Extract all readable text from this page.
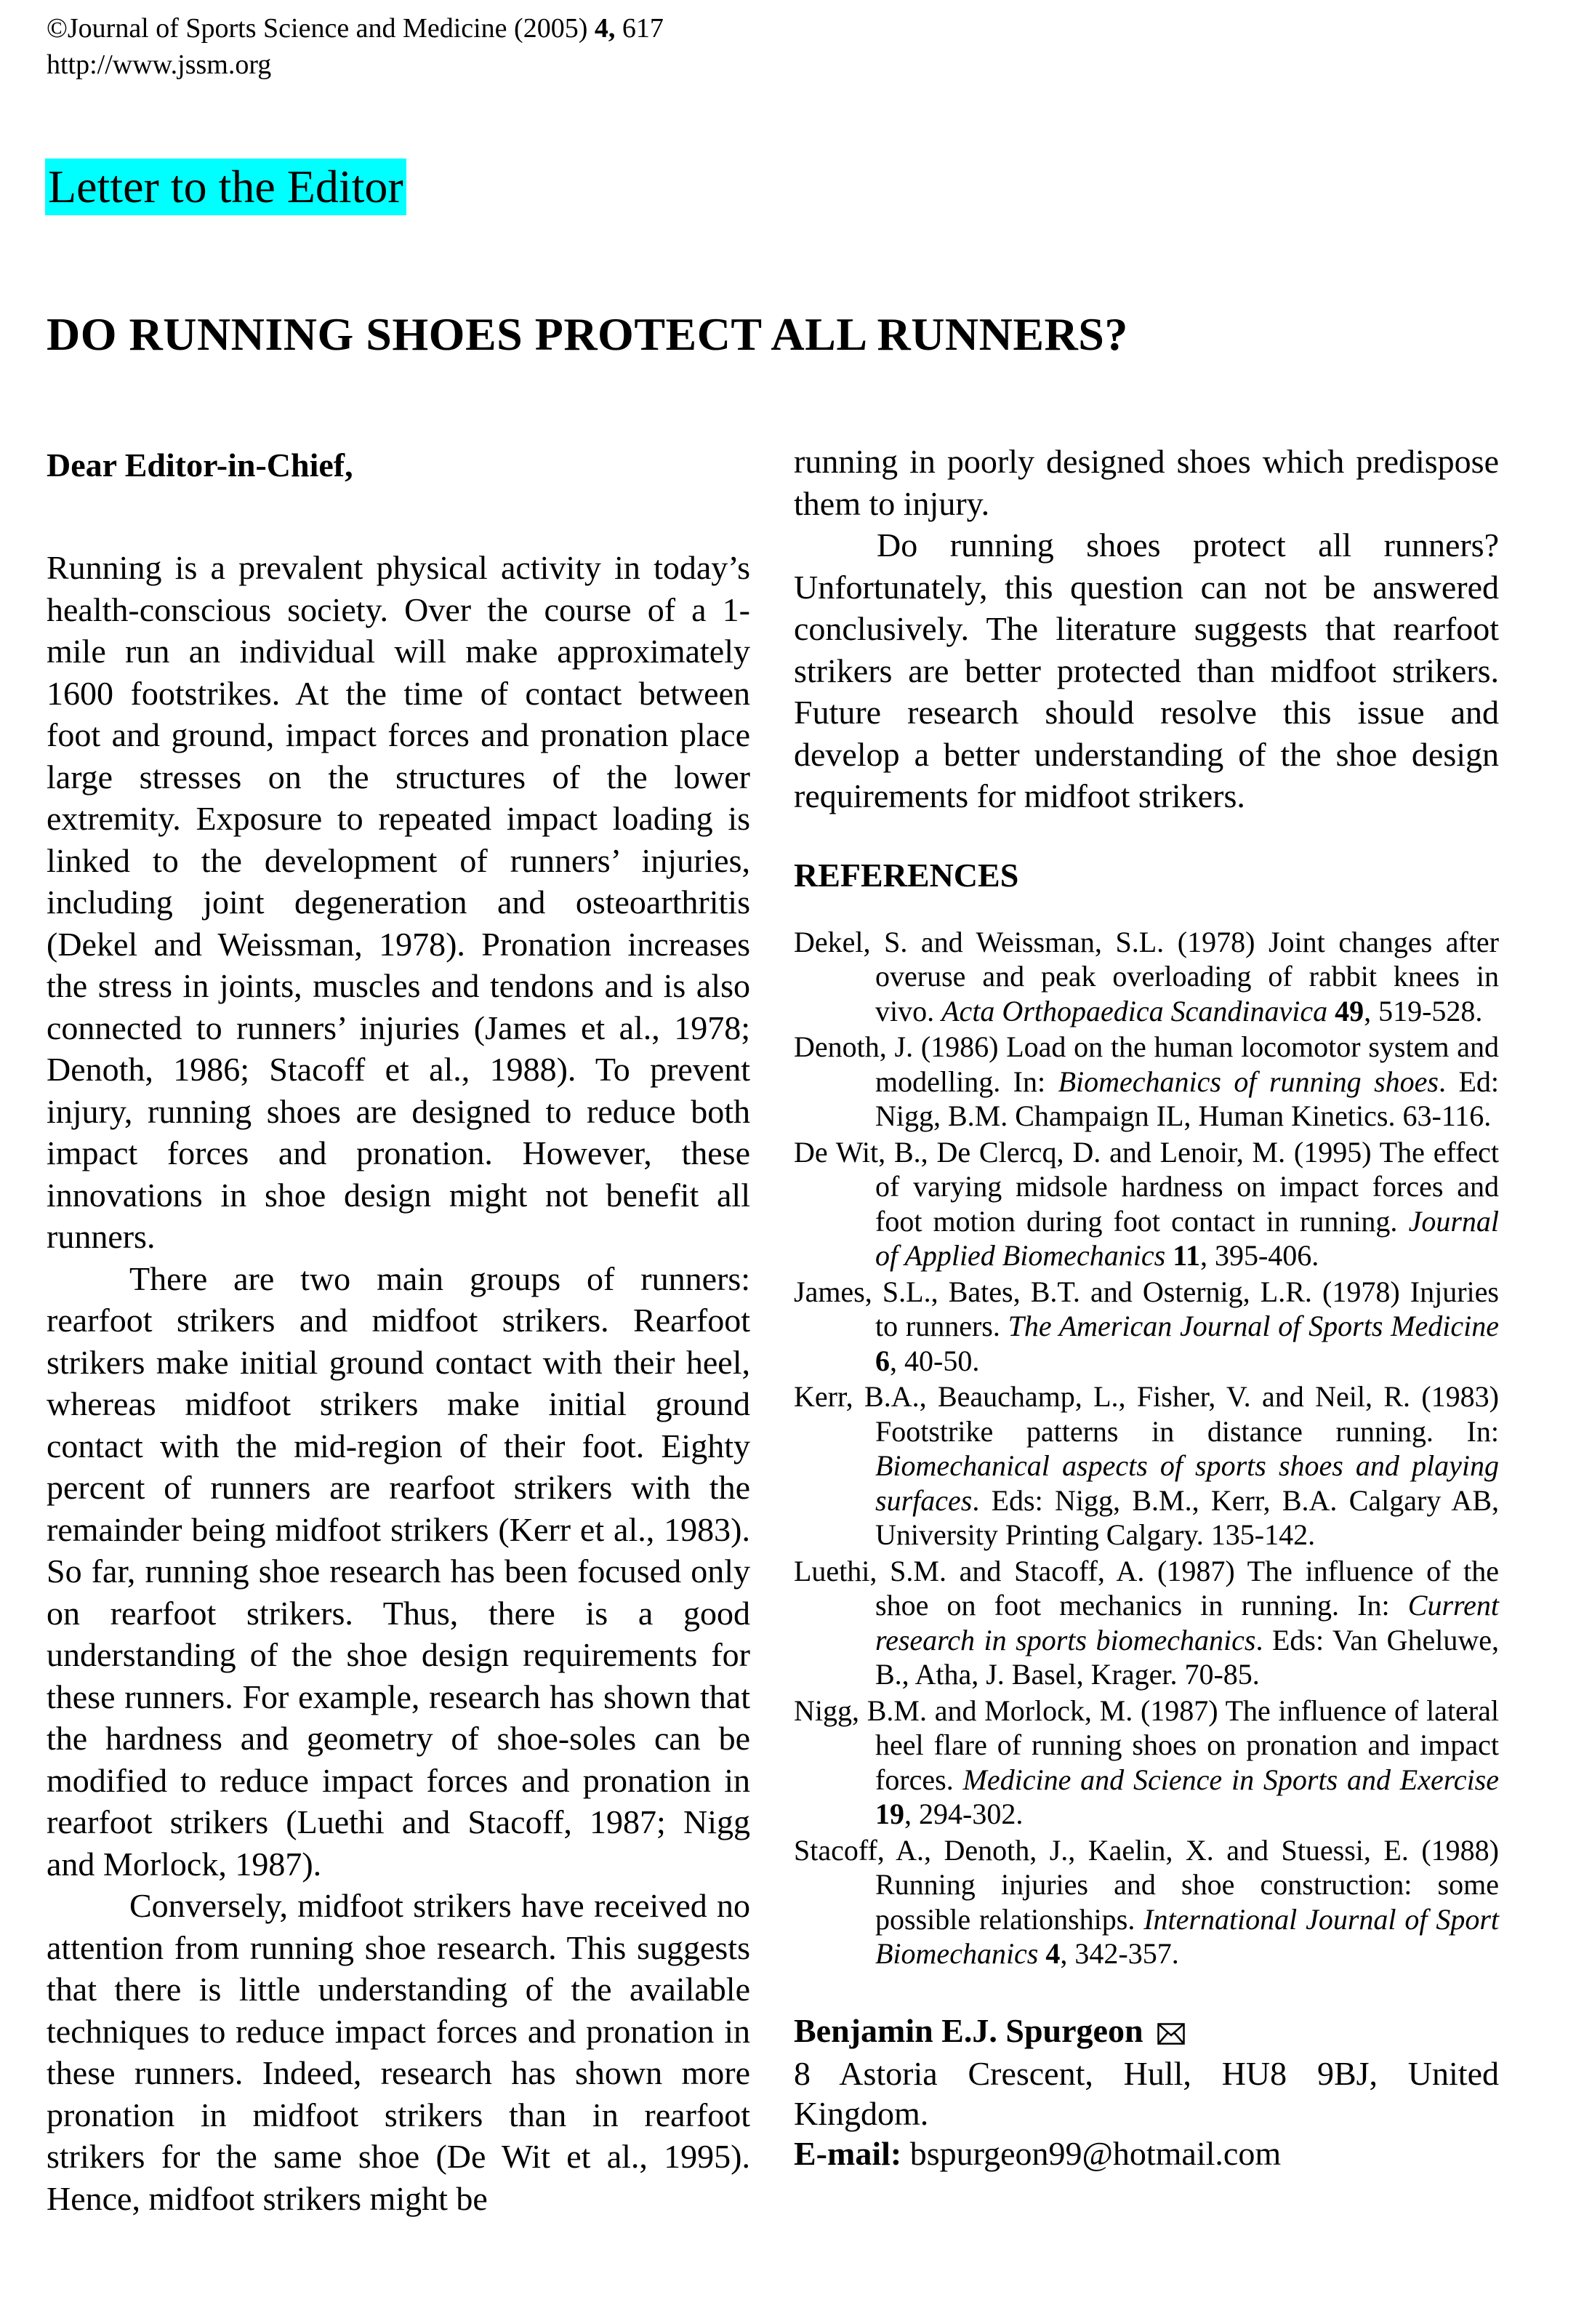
©Journal of Sports Science and Medicine (2005) 4, 617
http://www.jssm.org
Letter to the Editor
DO RUNNING SHOES PROTECT ALL RUNNERS?
Dear Editor-in-Chief,

Running is a prevalent physical activity in today’s health-conscious society. Over the course of a 1-mile run an individual will make approximately 1600 footstrikes. At the time of contact between foot and ground, impact forces and pronation place large stresses on the structures of the lower extremity. Exposure to repeated impact loading is linked to the development of runners’ injuries, including joint degeneration and osteoarthritis (Dekel and Weissman, 1978). Pronation increases the stress in joints, muscles and tendons and is also connected to runners’ injuries (James et al., 1978; Denoth, 1986; Stacoff et al., 1988). To prevent injury, running shoes are designed to reduce both impact forces and pronation. However, these innovations in shoe design might not benefit all runners.

There are two main groups of runners: rearfoot strikers and midfoot strikers. Rearfoot strikers make initial ground contact with their heel, whereas midfoot strikers make initial ground contact with the mid-region of their foot. Eighty percent of runners are rearfoot strikers with the remainder being midfoot strikers (Kerr et al., 1983). So far, running shoe research has been focused only on rearfoot strikers. Thus, there is a good understanding of the shoe design requirements for these runners. For example, research has shown that the hardness and geometry of shoe-soles can be modified to reduce impact forces and pronation in rearfoot strikers (Luethi and Stacoff, 1987; Nigg and Morlock, 1987).

Conversely, midfoot strikers have received no attention from running shoe research. This suggests that there is little understanding of the available techniques to reduce impact forces and pronation in these runners. Indeed, research has shown more pronation in midfoot strikers than in rearfoot strikers for the same shoe (De Wit et al., 1995). Hence, midfoot strikers might be

running in poorly designed shoes which predispose them to injury.

Do running shoes protect all runners? Unfortunately, this question can not be answered conclusively. The literature suggests that rearfoot strikers are better protected than midfoot strikers. Future research should resolve this issue and develop a better understanding of the shoe design requirements for midfoot strikers.

REFERENCES
Dekel, S. and Weissman, S.L. (1978) Joint changes after overuse and peak overloading of rabbit knees in vivo. Acta Orthopaedica Scandinavica 49, 519-528.
Denoth, J. (1986) Load on the human locomotor system and modelling. In: Biomechanics of running shoes. Ed: Nigg, B.M. Champaign IL, Human Kinetics. 63-116.
De Wit, B., De Clercq, D. and Lenoir, M. (1995) The effect of varying midsole hardness on impact forces and foot motion during foot contact in running. Journal of Applied Biomechanics 11, 395-406.
James, S.L., Bates, B.T. and Osternig, L.R. (1978) Injuries to runners. The American Journal of Sports Medicine 6, 40-50.
Kerr, B.A., Beauchamp, L., Fisher, V. and Neil, R. (1983) Footstrike patterns in distance running. In: Biomechanical aspects of sports shoes and playing surfaces. Eds: Nigg, B.M., Kerr, B.A. Calgary AB, University Printing Calgary. 135-142.
Luethi, S.M. and Stacoff, A. (1987) The influence of the shoe on foot mechanics in running. In: Current research in sports biomechanics. Eds: Van Gheluwe, B., Atha, J. Basel, Krager. 70-85.
Nigg, B.M. and Morlock, M. (1987) The influence of lateral heel flare of running shoes on pronation and impact forces. Medicine and Science in Sports and Exercise 19, 294-302.
Stacoff, A., Denoth, J., Kaelin, X. and Stuessi, E. (1988) Running injuries and shoe construction: some possible relationships. International Journal of Sport Biomechanics 4, 342-357.
Benjamin E.J. Spurgeon

8 Astoria Crescent, Hull, HU8 9BJ, United Kingdom.

E-mail: bspurgeon99@hotmail.com
